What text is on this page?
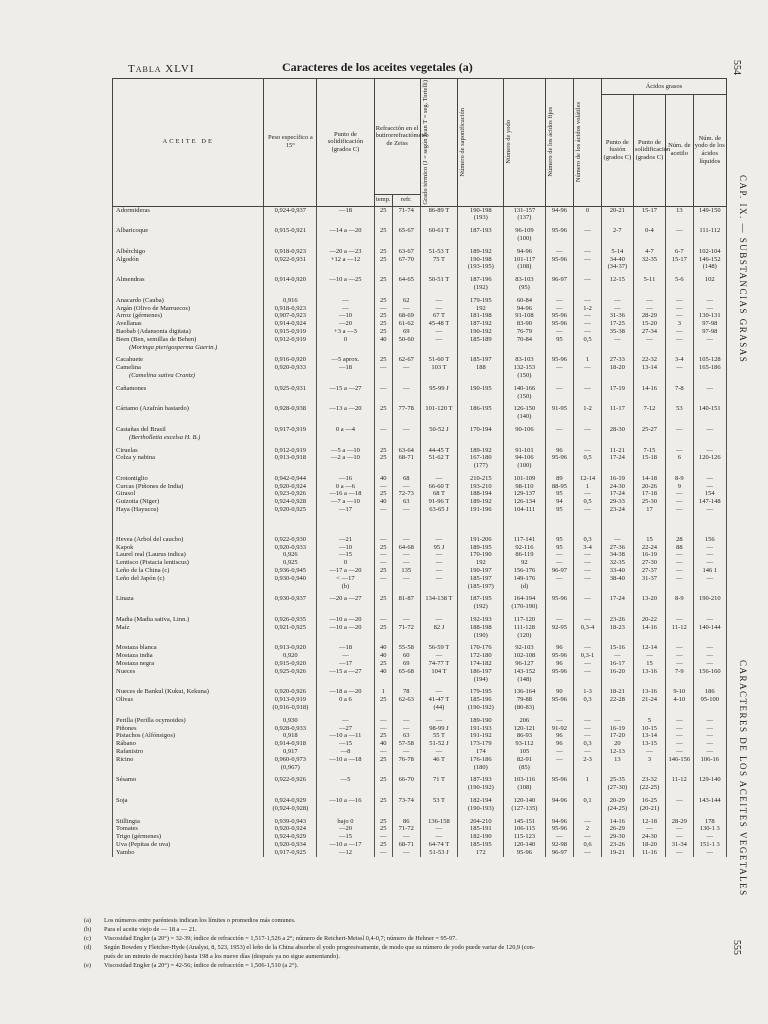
Tabla XLVI	Caracteres de los aceites vegetales (a)	554
CAP. IX. — SUBSTANCIAS GRASAS
CARACTERES DE LOS ACEITES VEGETALES
555
ACEITE DE	Peso específico a 15°	Punto de solidificación (grados C)	Refracción en el butirorrefractómetro de Zeiss		Grado térmico (J = según Jean T = seg. Tortelli)	Número de saponificación	Número de yodo	Número de los ácidos fijos	Número de los ácidos volátiles	Ácidos grasos			
										Punto de fusión (grados C)	Punto de solidificación (grados C)	Núm. de acetilo	Núm. de yodo de los ácidos líquidos
			temp.	refr.									
Adormideras	0,924-0,937	—18	25	71-74	86-89 T	190-198	131-157	94-96	0	20-21	15-17	13	149-150
						(193)	(137)						

Albaricoque	0,915-0,921	—14 a —20	25	65-67	60-61 T	187-193	96-109	95-96	—	2-7	0-4	—	111-112
							(100)						

Albérchigo	0,918-0,923	—20 a —23	25	63-67	51-53 T	189-192	94-96	—	—	5-14	4-7	6-7	102-104
Algodón	0,922-0,931	+12 a —12	25	67-70	75 T	190-198	101-117	95-96	—	34-40	32-35	15-17	146-152
						(193-195)	(108)			(34-37)			(148)

Almendras	0,914-0,920	—10 a —25	25	64-65	50-51 T	187-196	83-103	96-97	—	12-15	5-11	5-6	102
						(192)	(95)						

Anacardo (Cauba)	0,916	—	25	62	—	179-195	60-84	—	—	—	—	—	—
Argán (Olivo de Marruecos)	0,918-0,923	—	—	—	—	192	94-96	—	1-2	—	—	—	—
Arroz (gérmenes)	0,907-0,923	—10	25	68-69	67 T	181-198	91-108	95-96	—	31-36	28-29	—	130-131
Avellanas	0,914-0,924	—20	25	61-62	45-48 T	187-192	83-90	95-96	—	17-25	15-20	3	97-98
Baobab (Adansonia digitata)	0,915-0,919	+3 a —3	25	69	—	190-192	76-79	—	—	35-38	27-34	—	97-98
Been (Ben, semillas de Behen)	0,912-0,919	0	40	50-60	—	185-189	70-84	95	0,5	—	—	—	—
(Moringa pterigosperma Gaertn.)													

Cacahuete	0,916-0,920	—5 aprox.	25	62-67	51-60 T	185-197	83-103	95-96	1	27-33	22-32	3-4	105-128
Camelina	0,920-0,933	—18	—	—	103 T	188	132-153	—	—	18-20	13-14	—	165-186
(Camelina sativa Crantz)							(150)						

Cañamones	0,925-0,931	—15 a —27	—	—	95-99 J	190-195	140-166	—	—	17-19	14-16	7-8	—
							(150)						

Cártamo (Azafrán bastardo)	0,928-0,938	—13 a —20	25	77-78	101-120 T	186-195	126-150	91-95	1-2	11-17	7-12	53	140-151
							(140)						

Castañas del Brasil	0,917-0,919	0 a —4	—	—	50-52 J	170-194	90-106	—	—	28-30	25-27	—	—
(Bertholletia excelsa H. B.)													

Ciruelas	0,912-0,919	—5 a —10	25	63-64	44-45 T	189-192	91-101	96	—	11-21	7-15	—	—
Colza y nabina	0,913-0,918	—2 a —10	25	68-71	51-62 T	167-180	94-106	95-96	0,5	17-24	15-18	6	120-126
						(177)	(100)						

Crotontiglio	0,942-0,944	—16	40	68	—	210-215	101-109	89	12-14	16-19	14-18	8-9	—
Curcas (Piñones de India)	0,920-0,924	0 a —6	—	—	66-60 T	193-210	98-110	88-95	1	24-30	20-26	9	—
Girasol	0,923-0,926	—16 a —18	25	72-73	68 T	188-194	129-137	95	—	17-24	17-18	—	154
Guizotia (Niger)	0,924-0,928	—7 a —10	40	63	91-96 T	189-192	126-134	94	0,5	29-33	25-30	—	147-148
Haya (Hayucos)	0,920-0,925	—17	—	—	63-65 J	191-196	104-111	95	—	23-24	17	—	—

Hevea (Árbol del caucho)	0,922-0,930	—21	—	—	—	191-206	117-141	95	0,3	—	15	28	156
Kapok	0,920-0,933	—10	25	64-68	95 J	189-195	92-116	95	3-4	27-36	22-24	88	—
Laurel real (Laurus indica)	0,926	—15	—	—	—	170-190	86-119	—	—	34-38	16-19	—	—
Lentisco (Pistacia lentiscus)	0,925	0	—	—	—	192	92	—	—	32-35	27-30	—	—
Leño de la China (c)	0,936-0,945	—17 a —20	25	135	—	190-197	156-176	96-97	—	33-40	27-37	—	146 1
Leño del Japón (c)	0,930-0,940	< —17	—	—	—	185-197	149-176	—	—	38-40	31-37	—	—
		(b)				(185-197)	(d)						

Linaza	0,930-0,937	—20 a —27	25	81-87	134-138 T	187-195	164-194	95-96	—	17-24	13-20	8-9	190-210
						(192)	(170-190)						

Madia (Madia sativa, Linn.)	0,926-0,935	—10 a —20	—	—	—	192-193	117-120	—	—	23-26	20-22	—	—
Maíz	0,921-0,925	—10 a —20	25	71-72	82 J	188-198	111-128	92-95	0,3-4	18-23	14-16	11-12	140-144
						(190)	(120)						

Mostaza blanca	0,913-0,920	—18	40	55-58	56-59 T	170-176	92-103	96	—	15-16	12-14	—	—
Mostaza india	0,920	—	40	60	—	172-180	102-108	95-96	0,3-1	—	—	—	—
Mostaza negra	0,915-0,920	—17	25	69	74-77 T	174-182	96-127	96	—	16-17	15	—	—
Nueces	0,925-0,926	—15 a —27	40	65-68	104 T	186-197	143-152	95-96	—	16-20	13-16	7-9	156-160
						(194)	(148)						

Nueces de Bankul (Kukui, Kekuna)	0,920-0,926	—18 a —20	1	78	—	179-195	136-164	90	1-3	18-21	13-16	9-10	186
Olivas	0,913-0,919	0 a 6	25	62-63	41-47 T	185-196	79-88	95-96	0,3	22-28	21-24	4-10	95-100
	(0,916-0,918)				(44)	(190-192)	(80-83)						

Perilla (Perilla ocymoides)	0,930	—	—	—	—	189-190	206	—	—	—	5	—	—
Piñones	0,928-0,933	—27	—	—	98-99 J	191-193	120-121	91-92	—	16-19	10-15	—	—
Pistachos (Alfónsigos)	0,918	—10 a —11	25	63	55 T	191-192	86-93	96	—	17-20	13-14	—	—
Rábano	0,914-0,918	—15	40	57-58	51-52 J	173-179	93-112	96	0,3	20	13-15	—	—
Rafanistro	0,917	—8	—	—	—	174	105	—	—	12-13	—	—	—
Ricino	0,960-0,973	—10 a —18	25	76-78	46 T	176-186	82-91	—	2-3	13	3	146-156	106-16
	(0,967)					(180)	(85)						

Sésamo	0,922-0,926	—5	25	66-70	71 T	187-193	103-116	95-96	1	25-35	23-32	11-12	129-140
						(190-192)	(108)			(27-30)	(22-25)		

Soja	0,924-0,929	—10 a —16	25	73-74	53 T	182-194	120-140	94-96	0,1	20-29	16-25	—	143-144
	(0,924-0,928)					(190-193)	(127-135)			(24-25)	(20-21)		

Stillingia	0,939-0,943	bajo 0	25	86	136-158	204-210	145-151	94-96	—	14-16	12-18	28-29	178
Tomates	0,920-0,924	—20	25	71-72	—	185-191	106-115	95-96	2	26-29	—	—	130-1 3
Trigo (gérmenes)	0,924-0,929	—15	—	—	—	182-190	115-123	—	—	29-30	24-30	—	—
Uva (Pepitas de uva)	0,920-0,934	—10 a —17	25	68-71	64-74 T	185-195	120-140	92-98	0,6	23-26	18-20	31-34	151-1 3
Yambo	0,917-0,925	—12	—	—	51-53 J	172	95-96	96-97	—	19-21	11-16	—	—
(a) Los números entre paréntesis indican los límites o promedios más comunes.
(b) Para el aceite viejo de — 18 a — 21.
(c) Viscosidad Engler (a 20°) = 32-39; índice de refracción = 1,517-1,526 a 2°; número de Reichert-Meissl 0,4-0,7; número de Hehner = 95-97.
(d) Según Bowden y Fletcher-Hyde (Analyst, 8, 523, 1953) el leño de la China absorbe el yodo progresivamente, de modo que su número de yodo puede variar de 120,9 (con-
pués de un minuto de reacción) hasta 198 a los nueve días (después ya no sigue aumentando).
(e) Viscosidad Engler (a 20°) = 42-56; índice de refracción = 1,506-1,510 (a 2°).
